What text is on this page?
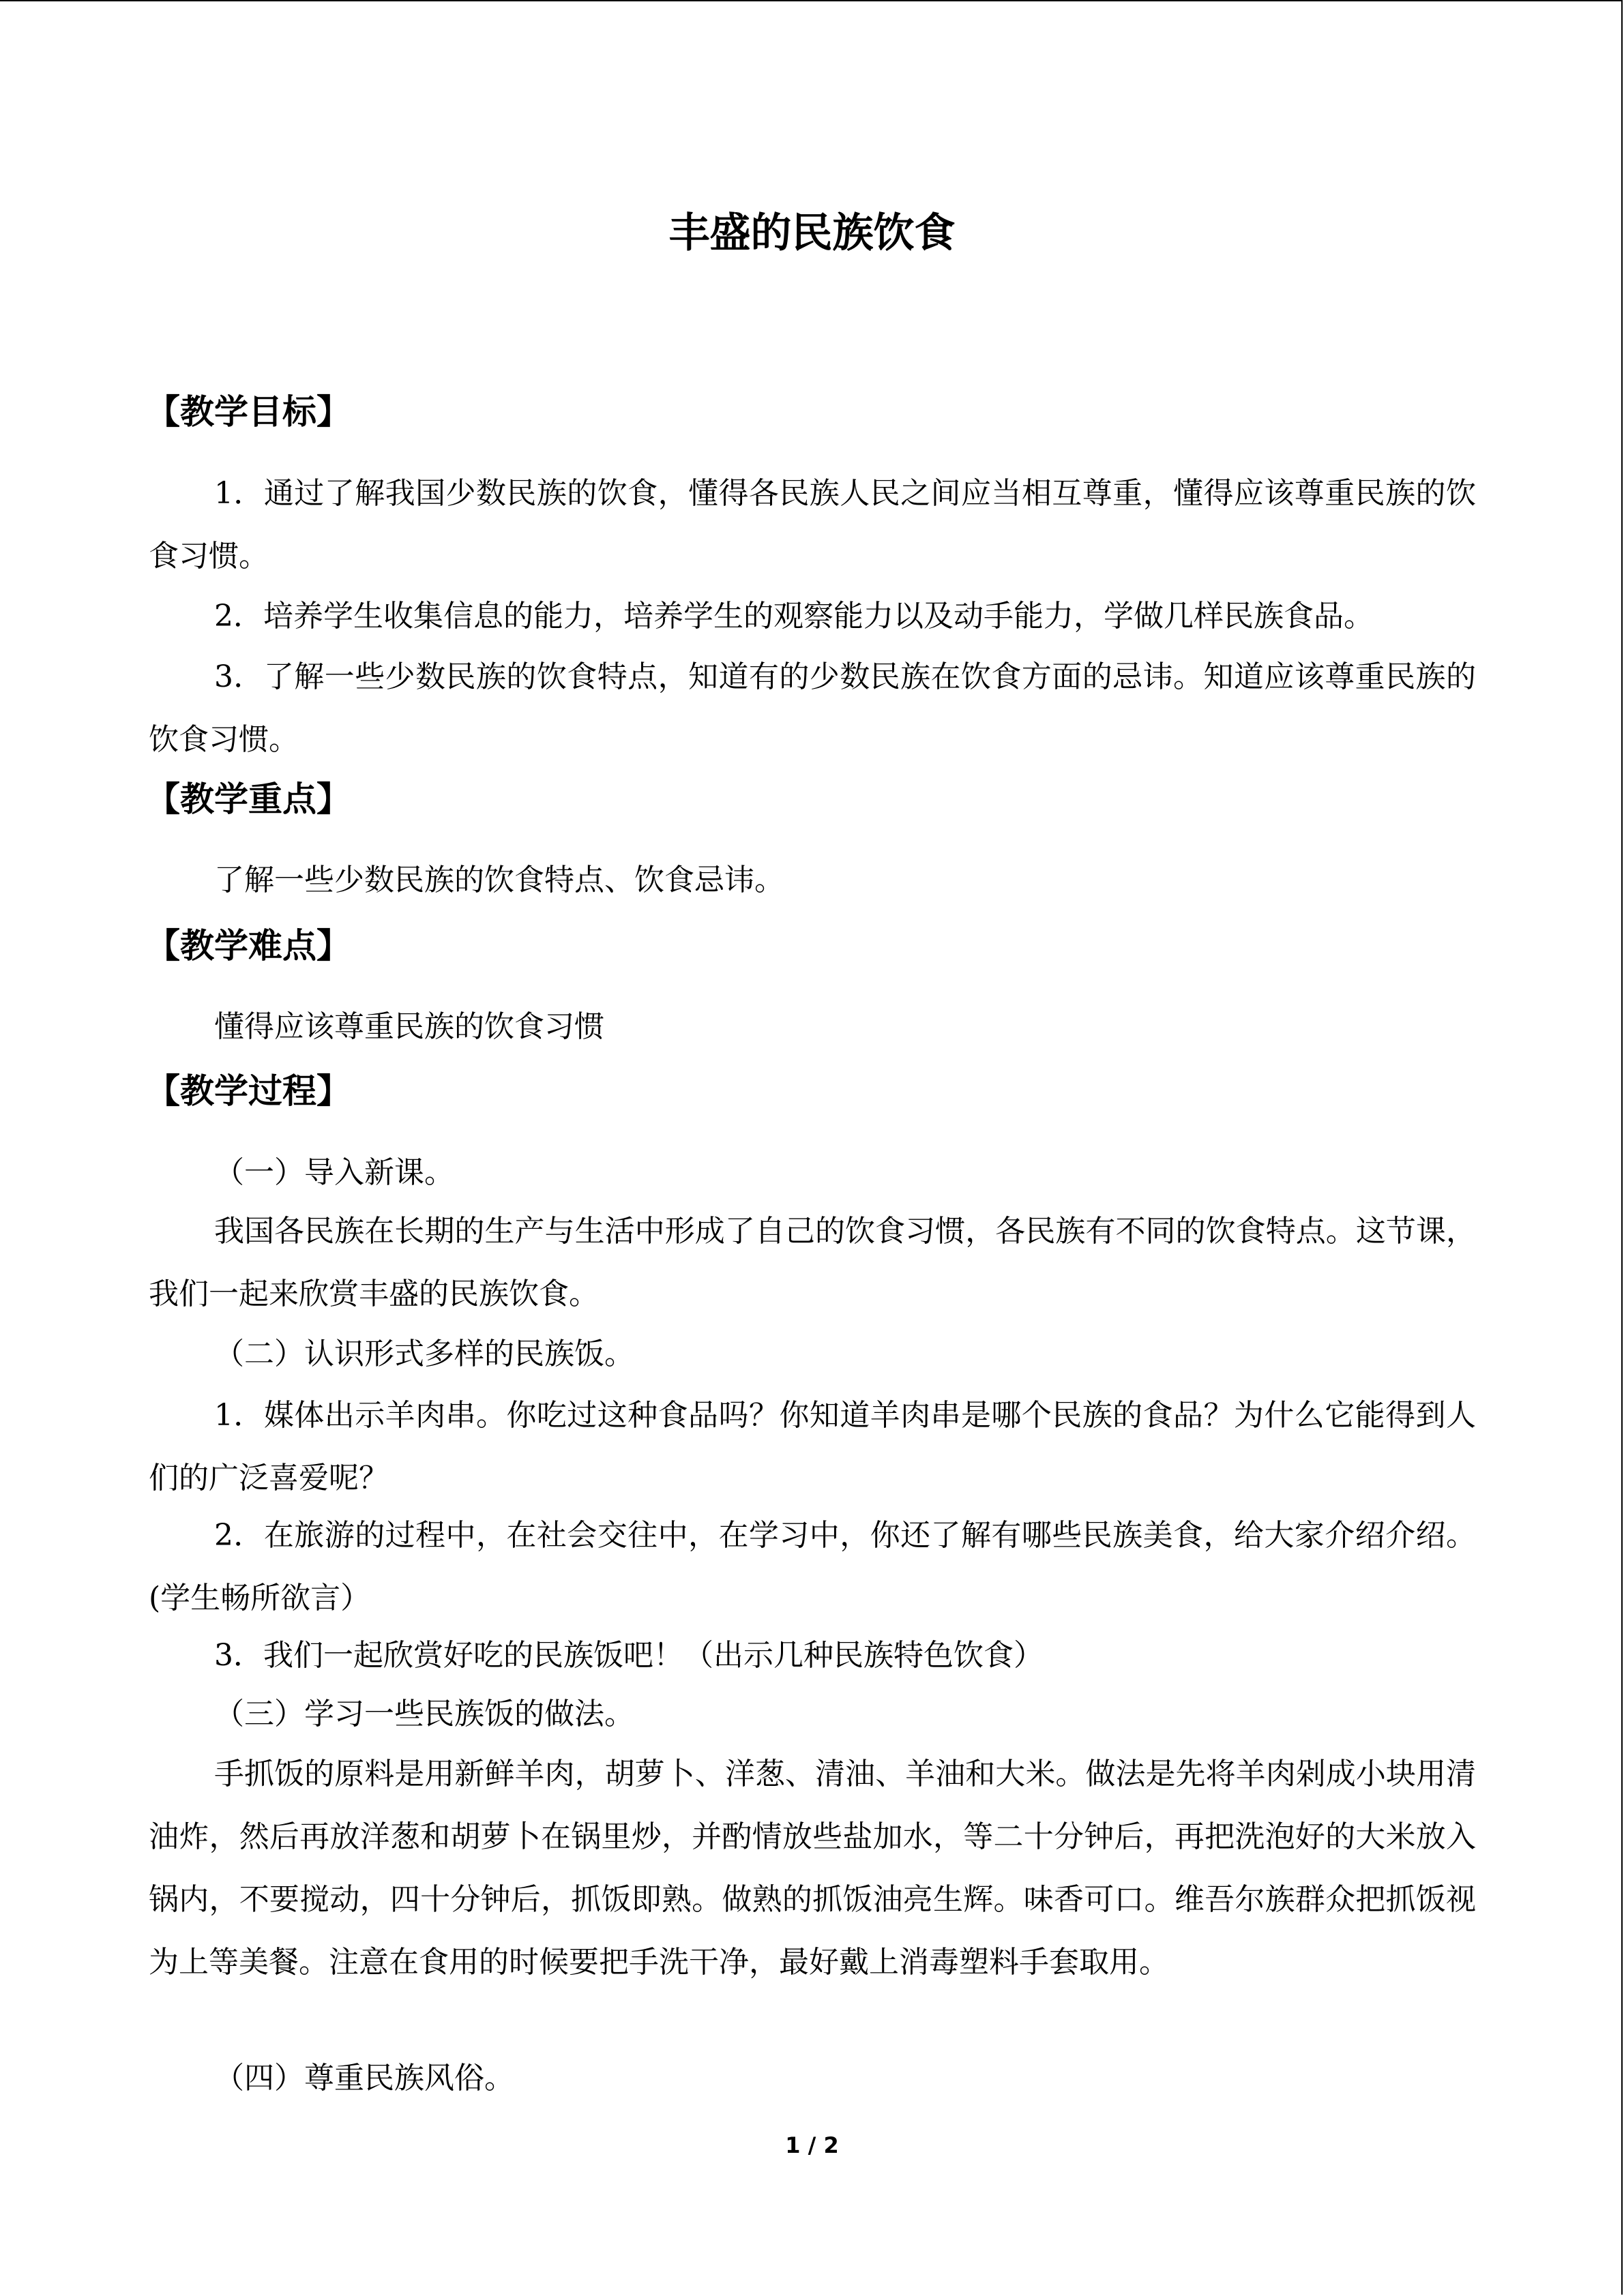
丰盛的民族饮食
【教学目标】
1．通过了解我国少数民族的饮食，懂得各民族人民之间应当相互尊重，懂得应该尊重民族的饮食习惯。
2．培养学生收集信息的能力，培养学生的观察能力以及动手能力，学做几样民族食品。
3．了解一些少数民族的饮食特点，知道有的少数民族在饮食方面的忌讳。知道应该尊重民族的饮食习惯。
【教学重点】
了解一些少数民族的饮食特点、饮食忌讳。
【教学难点】
懂得应该尊重民族的饮食习惯
【教学过程】
（一）导入新课。
我国各民族在长期的生产与生活中形成了自己的饮食习惯，各民族有不同的饮食特点。这节课，我们一起来欣赏丰盛的民族饮食。
（二）认识形式多样的民族饭。
1．媒体出示羊肉串。你吃过这种食品吗？你知道羊肉串是哪个民族的食品？为什么它能得到人们的广泛喜爱呢？
2．在旅游的过程中，在社会交往中，在学习中，你还了解有哪些民族美食，给大家介绍介绍。(学生畅所欲言）
3．我们一起欣赏好吃的民族饭吧！（出示几种民族特色饮食）
（三）学习一些民族饭的做法。
手抓饭的原料是用新鲜羊肉，胡萝卜、洋葱、清油、羊油和大米。做法是先将羊肉剁成小块用清油炸，然后再放洋葱和胡萝卜在锅里炒，并酌情放些盐加水，等二十分钟后，再把洗泡好的大米放入锅内，不要搅动，四十分钟后，抓饭即熟。做熟的抓饭油亮生辉。味香可口。维吾尔族群众把抓饭视为上等美餐。注意在食用的时候要把手洗干净，最好戴上消毒塑料手套取用。
（四）尊重民族风俗。
1 / 2
